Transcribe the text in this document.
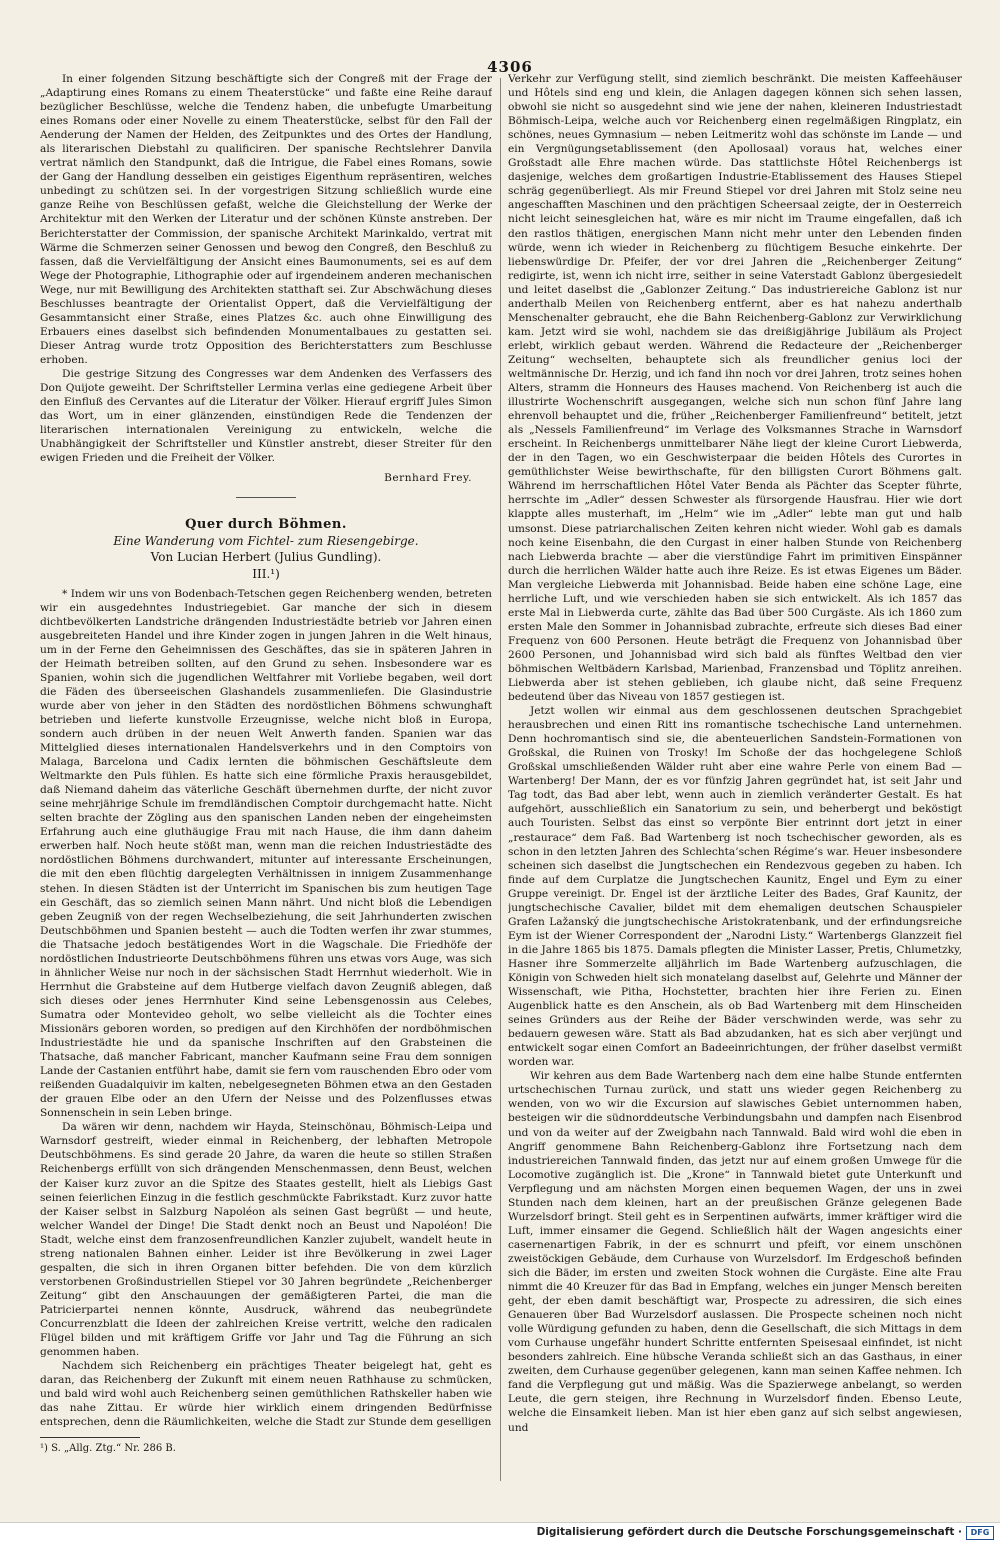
4306

In einer folgenden Sitzung beschäftigte sich der Congreß mit der Frage der „Adaptirung eines Romans zu einem Theaterstücke“ und faßte eine Reihe darauf bezüglicher Beschlüsse, welche die Tendenz haben, die unbefugte Umarbeitung eines Romans oder einer Novelle zu einem Theaterstücke, selbst für den Fall der Aenderung der Namen der Helden, des Zeitpunktes und des Ortes der Handlung, als literarischen Diebstahl zu qualificiren. Der spanische Rechtslehrer Danvila vertrat nämlich den Standpunkt, daß die Intrigue, die Fabel eines Romans, sowie der Gang der Handlung desselben ein geistiges Eigenthum repräsentiren, welches unbedingt zu schützen sei. In der vorgestrigen Sitzung schließlich wurde eine ganze Reihe von Beschlüssen gefaßt, welche die Gleichstellung der Werke der Architektur mit den Werken der Literatur und der schönen Künste anstreben. Der Berichterstatter der Commission, der spanische Architekt Marinkaldo, vertrat mit Wärme die Schmerzen seiner Genossen und bewog den Congreß, den Beschluß zu fassen, daß die Vervielfältigung der Ansicht eines Baumonuments, sei es auf dem Wege der Photographie, Lithographie oder auf irgendeinem anderen mechanischen Wege, nur mit Bewilligung des Architekten statthaft sei. Zur Abschwächung dieses Beschlusses beantragte der Orientalist Oppert, daß die Vervielfältigung der Gesammtansicht einer Straße, eines Platzes &c. auch ohne Einwilligung des Erbauers eines daselbst sich befindenden Monumentalbaues zu gestatten sei. Dieser Antrag wurde trotz Opposition des Berichterstatters zum Beschlusse erhoben.

Die gestrige Sitzung des Congresses war dem Andenken des Verfassers des Don Quijote geweiht. Der Schriftsteller Lermina verlas eine gediegene Arbeit über den Einfluß des Cervantes auf die Literatur der Völker. Hierauf ergriff Jules Simon das Wort, um in einer glänzenden, einstündigen Rede die Tendenzen der literarischen internationalen Vereinigung zu entwickeln, welche die Unabhängigkeit der Schriftsteller und Künstler anstrebt, dieser Streiter für den ewigen Frieden und die Freiheit der Völker.

Bernhard Frey.
Quer durch Böhmen.
Eine Wanderung vom Fichtel- zum Riesengebirge.
Von Lucian Herbert (Julius Gundling).
III.¹)

* Indem wir uns von Bodenbach-Tetschen gegen Reichenberg wenden, betreten wir ein ausgedehntes Industriegebiet. Gar manche der sich in diesem dichtbevölkerten Landstriche drängenden Industriestädte betrieb vor Jahren einen ausgebreiteten Handel und ihre Kinder zogen in jungen Jahren in die Welt hinaus, um in der Ferne den Geheimnissen des Geschäftes, das sie in späteren Jahren in der Heimath betreiben sollten, auf den Grund zu sehen. Insbesondere war es Spanien, wohin sich die jugendlichen Weltfahrer mit Vorliebe begaben, weil dort die Fäden des überseeischen Glashandels zusammenliefen. Die Glasindustrie wurde aber von jeher in den Städten des nordöstlichen Böhmens schwunghaft betrieben und lieferte kunstvolle Erzeugnisse, welche nicht bloß in Europa, sondern auch drüben in der neuen Welt Anwerth fanden. Spanien war das Mittelglied dieses internationalen Handelsverkehrs und in den Comptoirs von Malaga, Barcelona und Cadix lernten die böhmischen Geschäftsleute dem Weltmarkte den Puls fühlen. Es hatte sich eine förmliche Praxis herausgebildet, daß Niemand daheim das väterliche Geschäft übernehmen durfte, der nicht zuvor seine mehrjährige Schule im fremdländischen Comptoir durchgemacht hatte. Nicht selten brachte der Zögling aus den spanischen Landen neben der eingeheimsten Erfahrung auch eine gluthäugige Frau mit nach Hause, die ihm dann daheim erwerben half. Noch heute stößt man, wenn man die reichen Industriestädte des nordöstlichen Böhmens durchwandert, mitunter auf interessante Erscheinungen, die mit den eben flüchtig dargelegten Verhältnissen in innigem Zusammenhange stehen. In diesen Städten ist der Unterricht im Spanischen bis zum heutigen Tage ein Geschäft, das so ziemlich seinen Mann nährt. Und nicht bloß die Lebendigen geben Zeugniß von der regen Wechselbeziehung, die seit Jahrhunderten zwischen Deutschböhmen und Spanien besteht — auch die Todten werfen ihr zwar stummes, die Thatsache jedoch bestätigendes Wort in die Wagschale. Die Friedhöfe der nordöstlichen Industrieorte Deutschböhmens führen uns etwas vors Auge, was sich in ähnlicher Weise nur noch in der sächsischen Stadt Herrnhut wiederholt. Wie in Herrnhut die Grabsteine auf dem Hutberge vielfach davon Zeugniß ablegen, daß sich dieses oder jenes Herrnhuter Kind seine Lebensgenossin aus Celebes, Sumatra oder Montevideo geholt, wo selbe vielleicht als die Tochter eines Missionärs geboren worden, so predigen auf den Kirchhöfen der nordböhmischen Industriestädte hie und da spanische Inschriften auf den Grabsteinen die Thatsache, daß mancher Fabricant, mancher Kaufmann seine Frau dem sonnigen Lande der Castanien entführt habe, damit sie fern vom rauschenden Ebro oder vom reißenden Guadalquivir im kalten, nebelgesegneten Böhmen etwa an den Gestaden der grauen Elbe oder an den Ufern der Neisse und des Polzenflusses etwas Sonnenschein in sein Leben bringe.

Da wären wir denn, nachdem wir Hayda, Steinschönau, Böhmisch-Leipa und Warnsdorf gestreift, wieder einmal in Reichenberg, der lebhaften Metropole Deutschböhmens. Es sind gerade 20 Jahre, da waren die heute so stillen Straßen Reichenbergs erfüllt von sich drängenden Menschenmassen, denn Beust, welchen der Kaiser kurz zuvor an die Spitze des Staates gestellt, hielt als Liebigs Gast seinen feierlichen Einzug in die festlich geschmückte Fabrikstadt. Kurz zuvor hatte der Kaiser selbst in Salzburg Napoléon als seinen Gast begrüßt — und heute, welcher Wandel der Dinge! Die Stadt denkt noch an Beust und Napoléon! Die Stadt, welche einst dem franzosenfreundlichen Kanzler zujubelt, wandelt heute in streng nationalen Bahnen einher. Leider ist ihre Bevölkerung in zwei Lager gespalten, die sich in ihren Organen bitter befehden. Die von dem kürzlich verstorbenen Großindustriellen Stiepel vor 30 Jahren begründete „Reichenberger Zeitung“ gibt den Anschauungen der gemäßigteren Partei, die man die Patricierpartei nennen könnte, Ausdruck, während das neubegründete Concurrenzblatt die Ideen der zahlreichen Kreise vertritt, welche den radicalen Flügel bilden und mit kräftigem Griffe vor Jahr und Tag die Führung an sich genommen haben.

Nachdem sich Reichenberg ein prächtiges Theater beigelegt hat, geht es daran, das Reichenberg der Zukunft mit einem neuen Rathhause zu schmücken, und bald wird wohl auch Reichenberg seinen gemüthlichen Rathskeller haben wie das nahe Zittau. Er würde hier wirklich einem dringenden Bedürfnisse entsprechen, denn die Räumlichkeiten, welche die Stadt zur Stunde dem geselligen

¹) S. „Allg. Ztg.“ Nr. 286 B.

Verkehr zur Verfügung stellt, sind ziemlich beschränkt. Die meisten Kaffeehäuser und Hôtels sind eng und klein, die Anlagen dagegen können sich sehen lassen, obwohl sie nicht so ausgedehnt sind wie jene der nahen, kleineren Industriestadt Böhmisch-Leipa, welche auch vor Reichenberg einen regelmäßigen Ringplatz, ein schönes, neues Gymnasium — neben Leitmeritz wohl das schönste im Lande — und ein Vergnügungsetablissement (den Apollosaal) voraus hat, welches einer Großstadt alle Ehre machen würde. Das stattlichste Hôtel Reichenbergs ist dasjenige, welches dem großartigen Industrie-Etablissement des Hauses Stiepel schräg gegenüberliegt. Als mir Freund Stiepel vor drei Jahren mit Stolz seine neu angeschafften Maschinen und den prächtigen Scheersaal zeigte, der in Oesterreich nicht leicht seinesgleichen hat, wäre es mir nicht im Traume eingefallen, daß ich den rastlos thätigen, energischen Mann nicht mehr unter den Lebenden finden würde, wenn ich wieder in Reichenberg zu flüchtigem Besuche einkehrte. Der liebenswürdige Dr. Pfeifer, der vor drei Jahren die „Reichenberger Zeitung“ redigirte, ist, wenn ich nicht irre, seither in seine Vaterstadt Gablonz übergesiedelt und leitet daselbst die „Gablonzer Zeitung.“ Das industriereiche Gablonz ist nur anderthalb Meilen von Reichenberg entfernt, aber es hat nahezu anderthalb Menschenalter gebraucht, ehe die Bahn Reichenberg-Gablonz zur Verwirklichung kam. Jetzt wird sie wohl, nachdem sie das dreißigjährige Jubiläum als Project erlebt, wirklich gebaut werden. Während die Redacteure der „Reichenberger Zeitung“ wechselten, behauptete sich als freundlicher genius loci der weltmännische Dr. Herzig, und ich fand ihn noch vor drei Jahren, trotz seines hohen Alters, stramm die Honneurs des Hauses machend. Von Reichenberg ist auch die illustrirte Wochenschrift ausgegangen, welche sich nun schon fünf Jahre lang ehrenvoll behauptet und die, früher „Reichenberger Familienfreund“ betitelt, jetzt als „Nessels Familienfreund“ im Verlage des Volksmannes Strache in Warnsdorf erscheint. In Reichenbergs unmittelbarer Nähe liegt der kleine Curort Liebwerda, der in den Tagen, wo ein Geschwisterpaar die beiden Hôtels des Curortes in gemüthlichster Weise bewirthschafte, für den billigsten Curort Böhmens galt. Während im herrschaftlichen Hôtel Vater Benda als Pächter das Scepter führte, herrschte im „Adler“ dessen Schwester als fürsorgende Hausfrau. Hier wie dort klappte alles musterhaft, im „Helm“ wie im „Adler“ lebte man gut und halb umsonst. Diese patriarchalischen Zeiten kehren nicht wieder. Wohl gab es damals noch keine Eisenbahn, die den Curgast in einer halben Stunde von Reichenberg nach Liebwerda brachte — aber die vierstündige Fahrt im primitiven Einspänner durch die herrlichen Wälder hatte auch ihre Reize. Es ist etwas Eigenes um Bäder. Man vergleiche Liebwerda mit Johannisbad. Beide haben eine schöne Lage, eine herrliche Luft, und wie verschieden haben sie sich entwickelt. Als ich 1857 das erste Mal in Liebwerda curte, zählte das Bad über 500 Curgäste. Als ich 1860 zum ersten Male den Sommer in Johannisbad zubrachte, erfreute sich dieses Bad einer Frequenz von 600 Personen. Heute beträgt die Frequenz von Johannisbad über 2600 Personen, und Johannisbad wird sich bald als fünftes Weltbad den vier böhmischen Weltbädern Karlsbad, Marienbad, Franzensbad und Töplitz anreihen. Liebwerda aber ist stehen geblieben, ich glaube nicht, daß seine Frequenz bedeutend über das Niveau von 1857 gestiegen ist.

Jetzt wollen wir einmal aus dem geschlossenen deutschen Sprachgebiet herausbrechen und einen Ritt ins romantische tschechische Land unternehmen. Denn hochromantisch sind sie, die abenteuerlichen Sandstein-Formationen von Großskal, die Ruinen von Trosky! Im Schoße der das hochgelegene Schloß Großskal umschließenden Wälder ruht aber eine wahre Perle von einem Bad — Wartenberg! Der Mann, der es vor fünfzig Jahren gegründet hat, ist seit Jahr und Tag todt, das Bad aber lebt, wenn auch in ziemlich veränderter Gestalt. Es hat aufgehört, ausschließlich ein Sanatorium zu sein, und beherbergt und beköstigt auch Touristen. Selbst das einst so verpönte Bier entrinnt dort jetzt in einer „restaurace“ dem Faß. Bad Wartenberg ist noch tschechischer geworden, als es schon in den letzten Jahren des Schlechta’schen Régime’s war. Heuer insbesondere scheinen sich daselbst die Jungtschechen ein Rendezvous gegeben zu haben. Ich finde auf dem Curplatze die Jungtschechen Kaunitz, Engel und Eym zu einer Gruppe vereinigt. Dr. Engel ist der ärztliche Leiter des Bades, Graf Kaunitz, der jungtschechische Cavalier, bildet mit dem ehemaligen deutschen Schauspieler Grafen Lažanský die jungtschechische Aristokratenbank, und der erfindungsreiche Eym ist der Wiener Correspondent der „Narodni Listy.“ Wartenbergs Glanzzeit fiel in die Jahre 1865 bis 1875. Damals pflegten die Minister Lasser, Pretis, Chlumetzky, Hasner ihre Sommerzelte alljährlich im Bade Wartenberg aufzuschlagen, die Königin von Schweden hielt sich monatelang daselbst auf, Gelehrte und Männer der Wissenschaft, wie Pitha, Hochstetter, brachten hier ihre Ferien zu. Einen Augenblick hatte es den Anschein, als ob Bad Wartenberg mit dem Hinscheiden seines Gründers aus der Reihe der Bäder verschwinden werde, was sehr zu bedauern gewesen wäre. Statt als Bad abzudanken, hat es sich aber verjüngt und entwickelt sogar einen Comfort an Badeeinrichtungen, der früher daselbst vermißt worden war.

Wir kehren aus dem Bade Wartenberg nach dem eine halbe Stunde entfernten urtschechischen Turnau zurück, und statt uns wieder gegen Reichenberg zu wenden, von wo wir die Excursion auf slawisches Gebiet unternommen haben, besteigen wir die südnorddeutsche Verbindungsbahn und dampfen nach Eisenbrod und von da weiter auf der Zweigbahn nach Tannwald. Bald wird wohl die eben in Angriff genommene Bahn Reichenberg-Gablonz ihre Fortsetzung nach dem industriereichen Tannwald finden, das jetzt nur auf einem großen Umwege für die Locomotive zugänglich ist. Die „Krone“ in Tannwald bietet gute Unterkunft und Verpflegung und am nächsten Morgen einen bequemen Wagen, der uns in zwei Stunden nach dem kleinen, hart an der preußischen Gränze gelegenen Bade Wurzelsdorf bringt. Steil geht es in Serpentinen aufwärts, immer kräftiger wird die Luft, immer einsamer die Gegend. Schließlich hält der Wagen angesichts einer casernenartigen Fabrik, in der es schnurrt und pfeift, vor einem unschönen zweistöckigen Gebäude, dem Curhause von Wurzelsdorf. Im Erdgeschoß befinden sich die Bäder, im ersten und zweiten Stock wohnen die Curgäste. Eine alte Frau nimmt die 40 Kreuzer für das Bad in Empfang, welches ein junger Mensch bereiten geht, der eben damit beschäftigt war, Prospecte zu adressiren, die sich eines Genaueren über Bad Wurzelsdorf auslassen. Die Prospecte scheinen noch nicht volle Würdigung gefunden zu haben, denn die Gesellschaft, die sich Mittags in dem vom Curhause ungefähr hundert Schritte entfernten Speisesaal einfindet, ist nicht besonders zahlreich. Eine hübsche Veranda schließt sich an das Gasthaus, in einer zweiten, dem Curhause gegenüber gelegenen, kann man seinen Kaffee nehmen. Ich fand die Verpflegung gut und mäßig. Was die Spazierwege anbelangt, so werden Leute, die gern steigen, ihre Rechnung in Wurzelsdorf finden. Ebenso Leute, welche die Einsamkeit lieben. Man ist hier eben ganz auf sich selbst angewiesen, und

Digitalisierung gefördert durch die Deutsche Forschungsgemeinschaft ·	DFG
